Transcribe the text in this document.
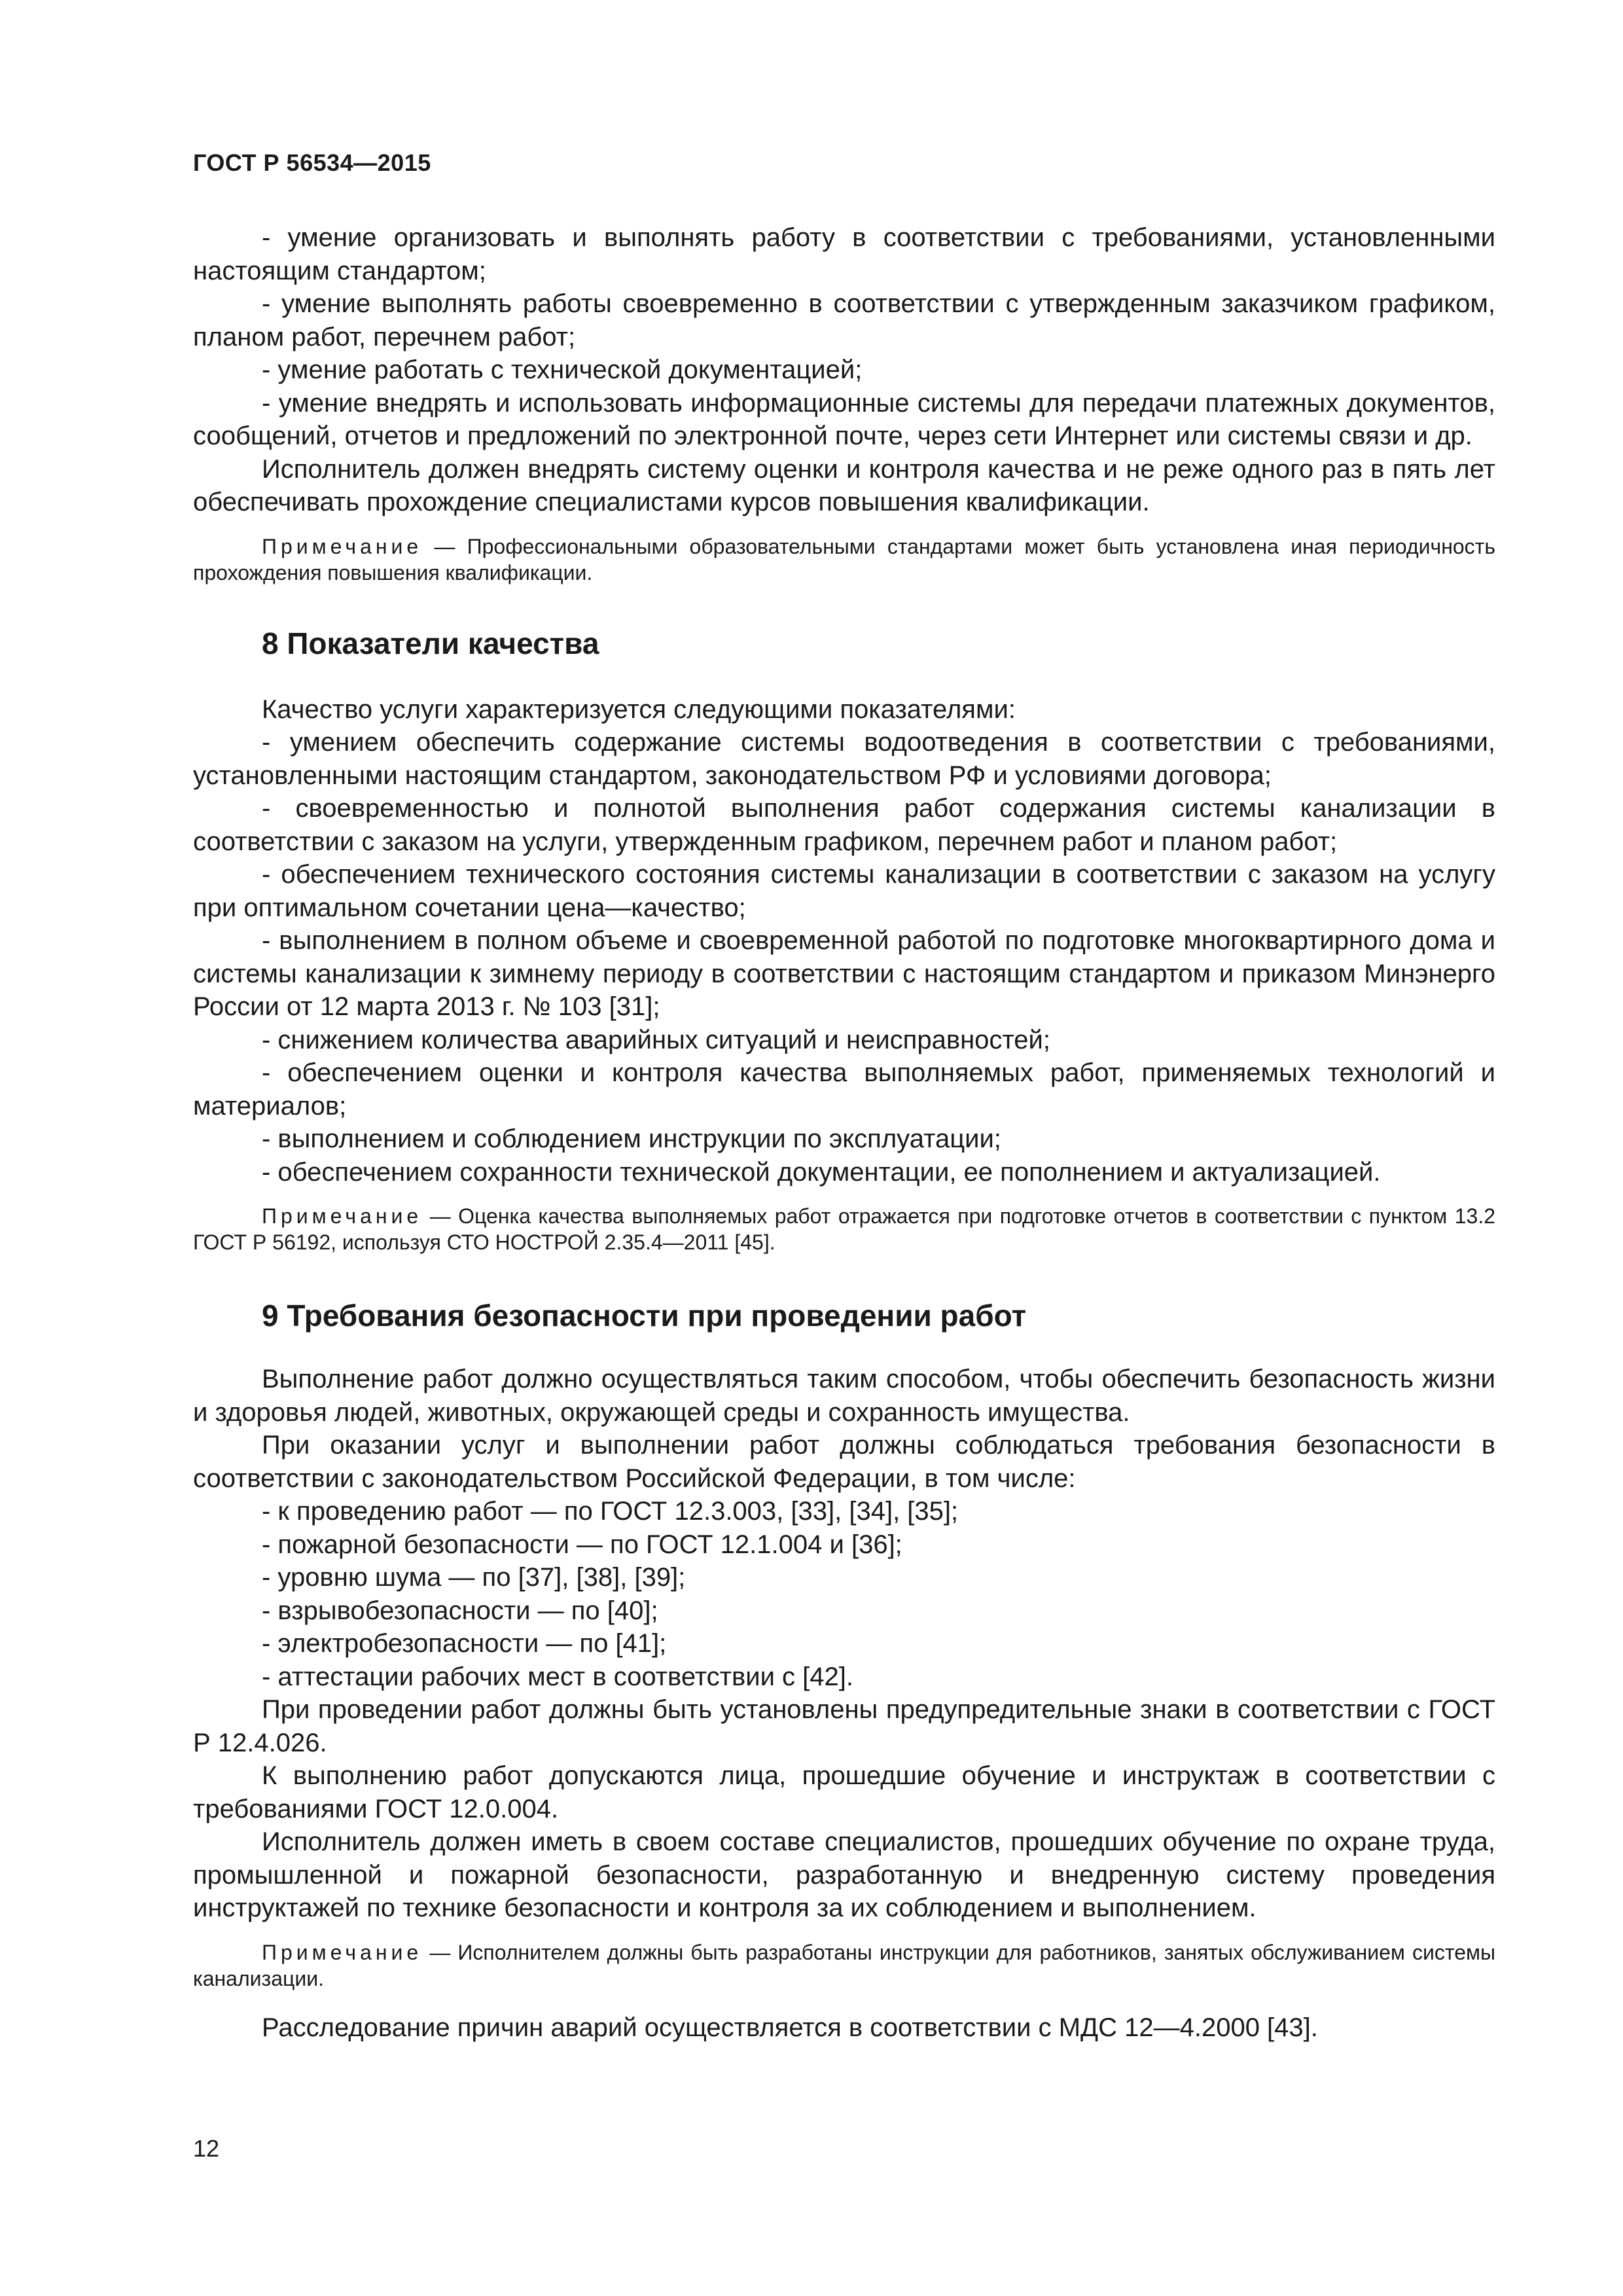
ГОСТ Р 56534—2015

- умение организовать и выполнять работу в соответствии с требованиями, установленными настоящим стандартом;

- умение выполнять работы своевременно в соответствии с утвержденным заказчиком графиком, планом работ, перечнем работ;

- умение работать с технической документацией;

- умение внедрять и использовать информационные системы для передачи платежных документов, сообщений, отчетов и предложений по электронной почте, через сети Интернет или системы связи и др.

Исполнитель должен внедрять систему оценки и контроля качества и не реже одного раз в пять лет обеспечивать прохождение специалистами курсов повышения квалификации.

Примечание — Профессиональными образовательными стандартами может быть установлена иная периодичность прохождения повышения квалификации.

8 Показатели качества

Качество услуги характеризуется следующими показателями:

- умением обеспечить содержание системы водоотведения в соответствии с требованиями, установленными настоящим стандартом, законодательством РФ и условиями договора;

- своевременностью и полнотой выполнения работ содержания системы канализации в соответствии с заказом на услуги, утвержденным графиком, перечнем работ и планом работ;

- обеспечением технического состояния системы канализации в соответствии с заказом на услугу при оптимальном сочетании цена—качество;

- выполнением в полном объеме и своевременной работой по подготовке многоквартирного дома и системы канализации к зимнему периоду в соответствии с настоящим стандартом и приказом Минэнерго России от 12 марта 2013 г. № 103 [31];

- снижением количества аварийных ситуаций и неисправностей;

- обеспечением оценки и контроля качества выполняемых работ, применяемых технологий и материалов;

- выполнением и соблюдением инструкции по эксплуатации;

- обеспечением сохранности технической документации, ее пополнением и актуализацией.

Примечание — Оценка качества выполняемых работ отражается при подготовке отчетов в соответствии с пунктом 13.2 ГОСТ Р 56192, используя СТО НОСТРОЙ 2.35.4—2011 [45].

9 Требования безопасности при проведении работ

Выполнение работ должно осуществляться таким способом, чтобы обеспечить безопасность жизни и здоровья людей, животных, окружающей среды и сохранность имущества.

При оказании услуг и выполнении работ должны соблюдаться требования безопасности в соответствии с законодательством Российской Федерации, в том числе:

- к проведению работ — по ГОСТ 12.3.003, [33], [34], [35];

- пожарной безопасности — по ГОСТ 12.1.004 и [36];

- уровню шума — по [37], [38], [39];

- взрывобезопасности — по [40];

- электробезопасности — по [41];

- аттестации рабочих мест в соответствии с [42].

При проведении работ должны быть установлены предупредительные знаки в соответствии с ГОСТ Р 12.4.026.

К выполнению работ допускаются лица, прошедшие обучение и инструктаж в соответствии с требованиями ГОСТ 12.0.004.

Исполнитель должен иметь в своем составе специалистов, прошедших обучение по охране труда, промышленной и пожарной безопасности, разработанную и внедренную систему проведения инструктажей по технике безопасности и контроля за их соблюдением и выполнением.

Примечание — Исполнителем должны быть разработаны инструкции для работников, занятых обслуживанием системы канализации.

Расследование причин аварий осуществляется в соответствии с МДС 12—4.2000 [43].

12
